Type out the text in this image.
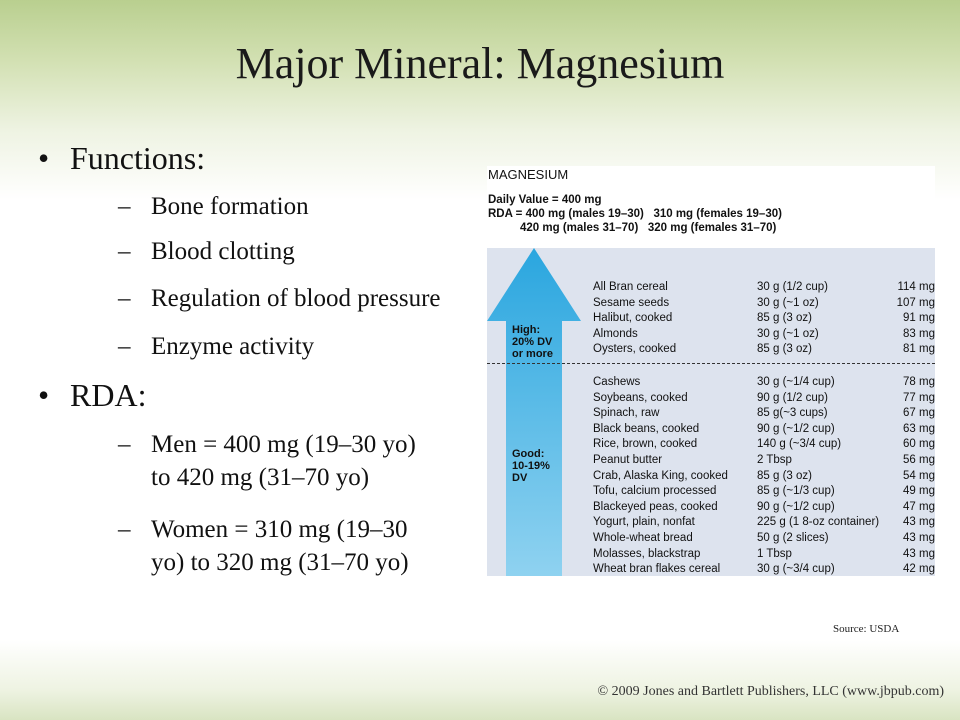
Major Mineral: Magnesium
• Functions:
– Bone formation
– Blood clotting
– Regulation of blood pressure
– Enzyme activity
• RDA:
– Men = 400 mg (19–30 yo)
to 420 mg (31–70 yo)
– Women = 310 mg (19–30
yo) to 320 mg (31–70 yo)
MAGNESIUM
Daily Value = 400 mg
RDA = 400 mg (males 19–30)   310 mg (females 19–30)
420 mg (males 31–70)   320 mg (females 31–70)
High:
20% DV
or more
Good:
10-19%
DV
All Bran cereal	30 g (1/2 cup)	114 mg
Sesame seeds	30 g (~1 oz)	107 mg
Halibut, cooked	85 g (3 oz)	91 mg
Almonds	30 g (~1 oz)	83 mg
Oysters, cooked	85 g (3 oz)	81 mg
Cashews	30 g (~1/4 cup)	78 mg
Soybeans, cooked	90 g (1/2 cup)	77 mg
Spinach, raw	85 g(~3 cups)	67 mg
Black beans, cooked	90 g (~1/2 cup)	63 mg
Rice, brown, cooked	140 g (~3/4 cup)	60 mg
Peanut butter	2 Tbsp	56 mg
Crab, Alaska King, cooked	85 g (3 oz)	54 mg
Tofu, calcium processed	85 g (~1/3 cup)	49 mg
Blackeyed peas, cooked	90 g (~1/2 cup)	47 mg
Yogurt, plain, nonfat	225 g (1 8-oz container) 43 mg
Whole-wheat bread	50 g (2 slices)	43 mg
Molasses, blackstrap	1 Tbsp	43 mg
Wheat bran flakes cereal	30 g (~3/4 cup)	42 mg
Source: USDA
© 2009 Jones and Bartlett Publishers, LLC (www.jbpub.com)
